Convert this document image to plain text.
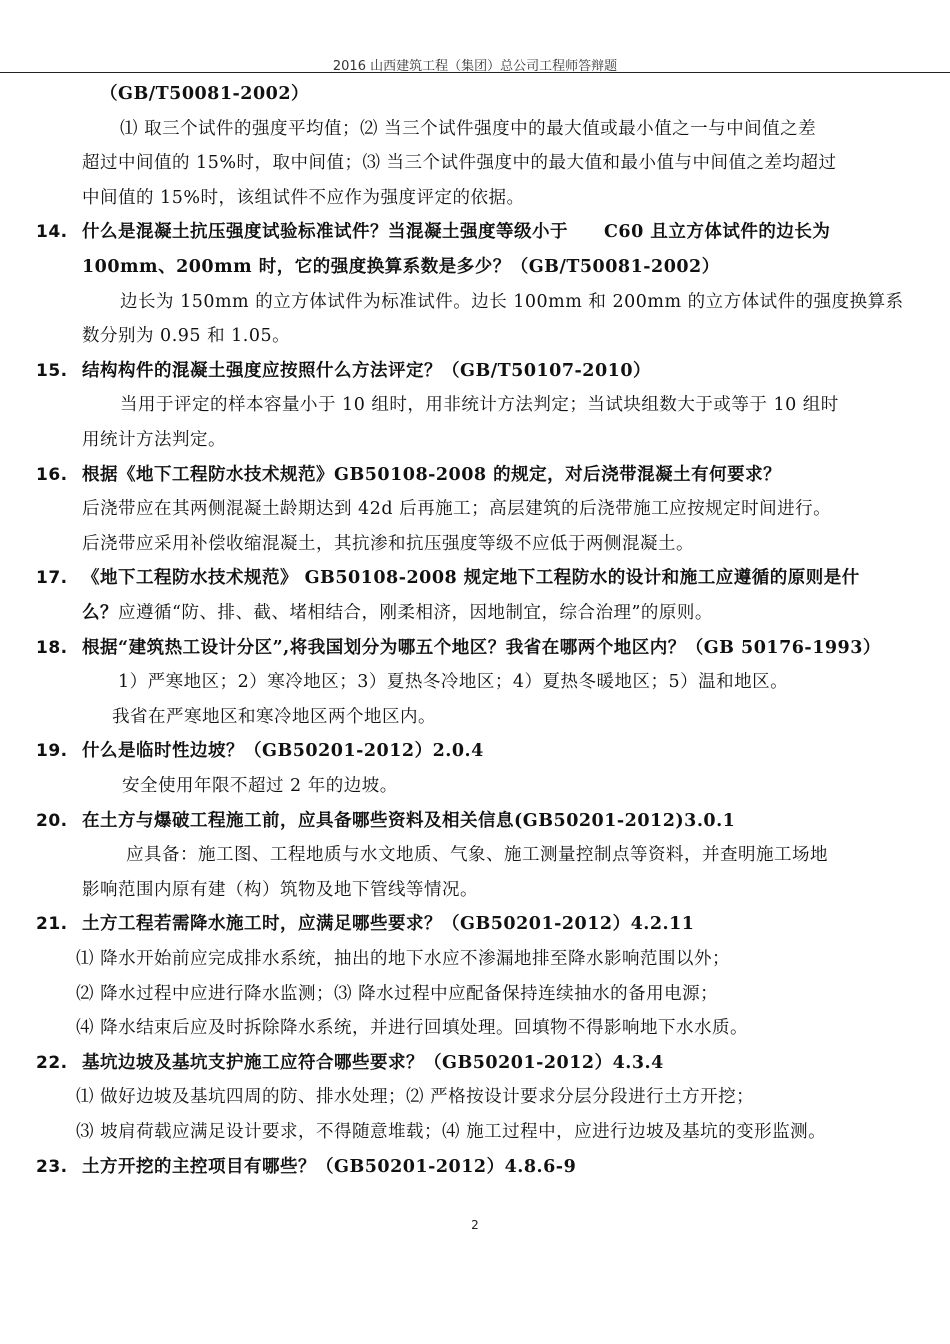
2016 山西建筑工程（集团）总公司工程师答辩题
（GB/T50081-2002）
⑴ 取三个试件的强度平均值；⑵ 当三个试件强度中的最大值或最小值之一与中间值之差
超过中间值的 15%时，取中间值；⑶ 当三个试件强度中的最大值和最小值与中间值之差均超过
中间值的 15%时，该组试件不应作为强度评定的依据。
14. 什么是混凝土抗压强度试验标准试件？当混凝土强度等级小于　　C60 且立方体试件的边长为
100mm、200mm 时，它的强度换算系数是多少？（GB/T50081-2002）
边长为 150mm 的立方体试件为标准试件。边长 100mm 和 200mm 的立方体试件的强度换算系
数分别为 0.95 和 1.05。
15. 结构构件的混凝土强度应按照什么方法评定？（GB/T50107-2010）
当用于评定的样本容量小于 10 组时，用非统计方法判定；当试块组数大于或等于 10 组时
用统计方法判定。
16. 根据《地下工程防水技术规范》GB50108-2008 的规定，对后浇带混凝土有何要求？
后浇带应在其两侧混凝土龄期达到 42d 后再施工；高层建筑的后浇带施工应按规定时间进行。
后浇带应采用补偿收缩混凝土，其抗渗和抗压强度等级不应低于两侧混凝土。
17. 《地下工程防水技术规范》 GB50108-2008 规定地下工程防水的设计和施工应遵循的原则是什
么？应遵循“防、排、截、堵相结合，刚柔相济，因地制宜，综合治理”的原则。
18. 根据“建筑热工设计分区”,将我国划分为哪五个地区？我省在哪两个地区内？（GB 50176-1993）
1）严寒地区；2）寒冷地区；3）夏热冬冷地区；4）夏热冬暖地区；5）温和地区。
我省在严寒地区和寒冷地区两个地区内。
19. 什么是临时性边坡？（GB50201-2012）2.0.4
安全使用年限不超过 2 年的边坡。
20. 在土方与爆破工程施工前，应具备哪些资料及相关信息(GB50201-2012)3.0.1
应具备：施工图、工程地质与水文地质、气象、施工测量控制点等资料，并查明施工场地
影响范围内原有建（构）筑物及地下管线等情况。
21. 土方工程若需降水施工时，应满足哪些要求？（GB50201-2012）4.2.11
⑴ 降水开始前应完成排水系统，抽出的地下水应不渗漏地排至降水影响范围以外；
⑵ 降水过程中应进行降水监测；⑶ 降水过程中应配备保持连续抽水的备用电源；
⑷ 降水结束后应及时拆除降水系统，并进行回填处理。回填物不得影响地下水水质。
22. 基坑边坡及基坑支护施工应符合哪些要求？（GB50201-2012）4.3.4
⑴ 做好边坡及基坑四周的防、排水处理；⑵ 严格按设计要求分层分段进行土方开挖；
⑶ 坡肩荷载应满足设计要求，不得随意堆载；⑷ 施工过程中，应进行边坡及基坑的变形监测。
23. 土方开挖的主控项目有哪些？（GB50201-2012）4.8.6-9
2
